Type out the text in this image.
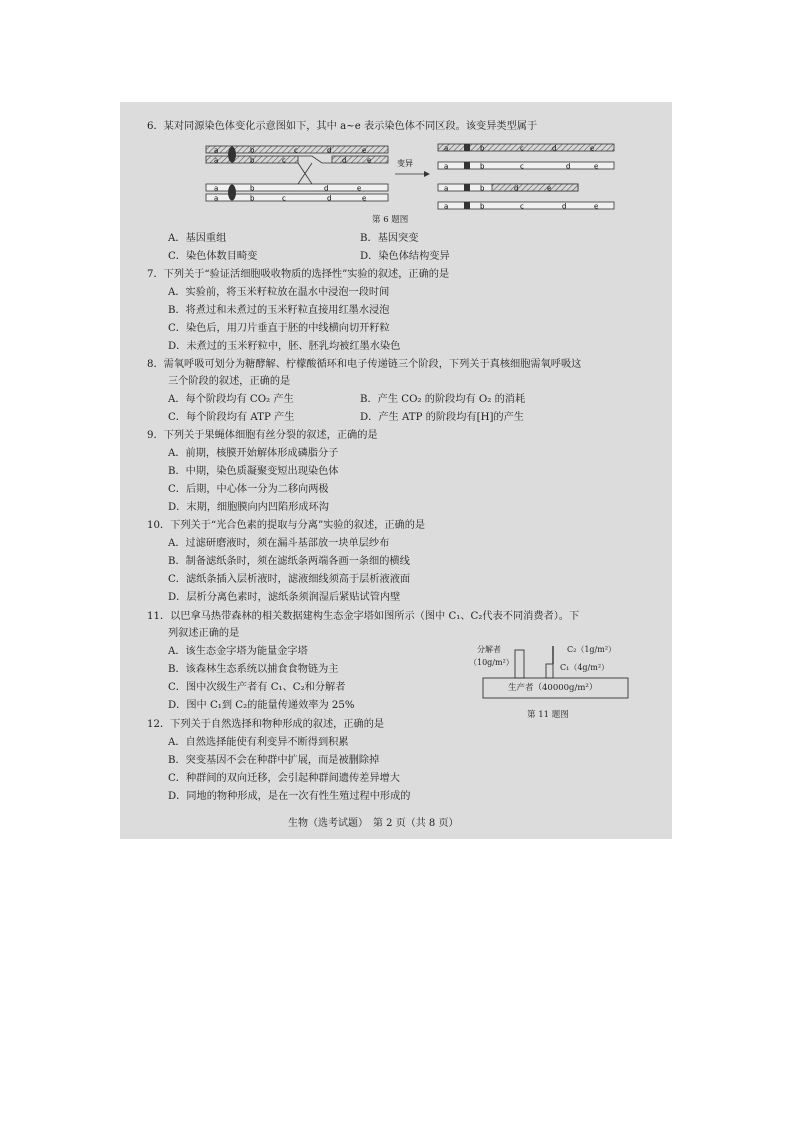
6．某对同源染色体变化示意图如下，其中 a~e 表示染色体不同区段。该变异类型属于
a	b	c	d	e
a	b	c	d	e
a	b	d	e
a	b	c	d	e
变异
a	b	c	d	e
a	b	c	d	e
a	b	d	e
a	b	c	d	e
第 6 题图
A．基因重组	B．基因突变
C．染色体数目畸变	D．染色体结构变异
7．下列关于“验证活细胞吸收物质的选择性”实验的叙述，正确的是
A．实验前，将玉米籽粒放在温水中浸泡一段时间
B．将煮过和未煮过的玉米籽粒直接用红墨水浸泡
C．染色后，用刀片垂直于胚的中线横向切开籽粒
D．未煮过的玉米籽粒中，胚、胚乳均被红墨水染色
8．需氧呼吸可划分为糖酵解、柠檬酸循环和电子传递链三个阶段，下列关于真核细胞需氧呼吸这
三个阶段的叙述，正确的是
A．每个阶段均有 CO₂ 产生	B．产生 CO₂ 的阶段均有 O₂ 的消耗
C．每个阶段均有 ATP 产生	D．产生 ATP 的阶段均有[H]的产生
9．下列关于果蝇体细胞有丝分裂的叙述，正确的是
A．前期，核膜开始解体形成磷脂分子
B．中期，染色质凝聚变短出现染色体
C．后期，中心体一分为二移向两极
D．末期，细胞膜向内凹陷形成环沟
10．下列关于“光合色素的提取与分离”实验的叙述，正确的是
A．过滤研磨液时，须在漏斗基部放一块单层纱布
B．制备滤纸条时，须在滤纸条两端各画一条细的横线
C．滤纸条插入层析液时，滤液细线须高于层析液液面
D．层析分离色素时，滤纸条须润湿后紧贴试管内壁
11．以巴拿马热带森林的相关数据建构生态金字塔如图所示（图中 C₁、C₂代表不同消费者）。下
列叙述正确的是
A．该生态金字塔为能量金字塔
B．该森林生态系统以捕食食物链为主
C．图中次级生产者有 C₁、C₂和分解者
D．图中 C₁到 C₂的能量传递效率为 25%
分解者
（10g/m²）
C₂（1g/m²）
C₁（4g/m²）
生产者（40000g/m²）
第 11 题图
12．下列关于自然选择和物种形成的叙述，正确的是
A．自然选择能使有利变异不断得到积累
B．突变基因不会在种群中扩展，而是被删除掉
C．种群间的双向迁移，会引起种群间遗传差异增大
D．同地的物种形成，是在一次有性生殖过程中形成的
生物（选考试题）　第 2 页（共 8 页）
